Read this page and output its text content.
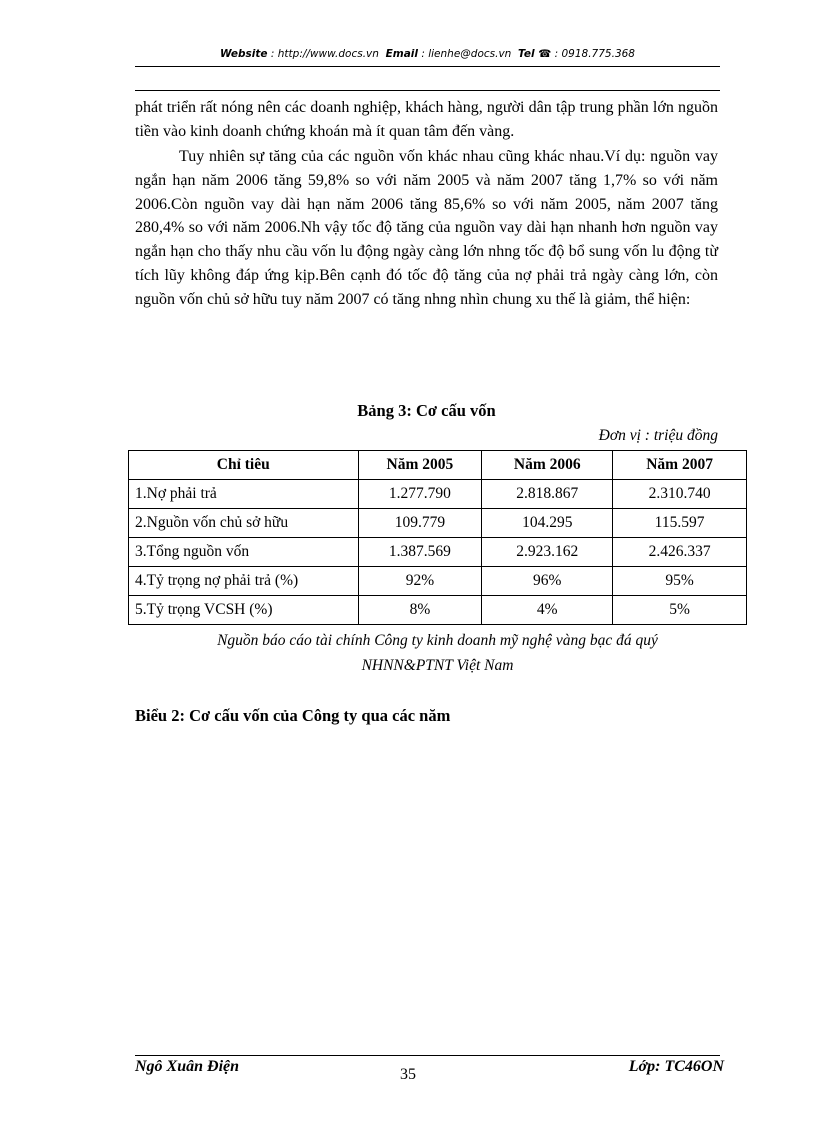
Website : http://www.docs.vn Email : lienhe@docs.vn Tel ☎ : 0918.775.368

phát triển rất nóng nên các doanh nghiệp, khách hàng, người dân tập trung phần lớn nguồn tiền vào kinh doanh chứng khoán mà ít quan tâm đến vàng.

Tuy nhiên sự tăng của các nguồn vốn khác nhau cũng khác nhau.Ví dụ: nguồn vay ngắn hạn năm 2006 tăng 59,8% so với năm 2005 và năm 2007 tăng 1,7% so với năm 2006.Còn nguồn vay dài hạn năm 2006 tăng 85,6% so với năm 2005, năm 2007 tăng 280,4% so với năm 2006.Nh vậy tốc độ tăng của nguồn vay dài hạn nhanh hơn nguồn vay ngắn hạn cho thấy nhu cầu vốn lu động ngày càng lớn nhng tốc độ bổ sung vốn lu động từ tích lũy không đáp ứng kịp.Bên cạnh đó tốc độ tăng của nợ phải trả ngày càng lớn, còn nguồn vốn chủ sở hữu tuy năm 2007 có tăng nhng nhìn chung xu thế là giảm, thể hiện:

Bảng 3: Cơ cấu vốn
Đơn vị : triệu đồng
Chỉ tiêu	Năm 2005	Năm 2006	Năm 2007
1.Nợ phải trả	1.277.790	2.818.867	2.310.740
2.Nguồn vốn chủ sở hữu	109.779	104.295	115.597
3.Tổng nguồn vốn	1.387.569	2.923.162	2.426.337
4.Tỷ trọng nợ phải trả (%)	92%	96%	95%
5.Tỷ trọng VCSH (%)	8%	4%	5%
Nguồn báo cáo tài chính Công ty kinh doanh mỹ nghệ vàng bạc đá quý
NHNN&PTNT Việt Nam
Biểu 2: Cơ cấu vốn của Công ty qua các năm
Ngô Xuân Điện	35	Lớp: TC46ON
